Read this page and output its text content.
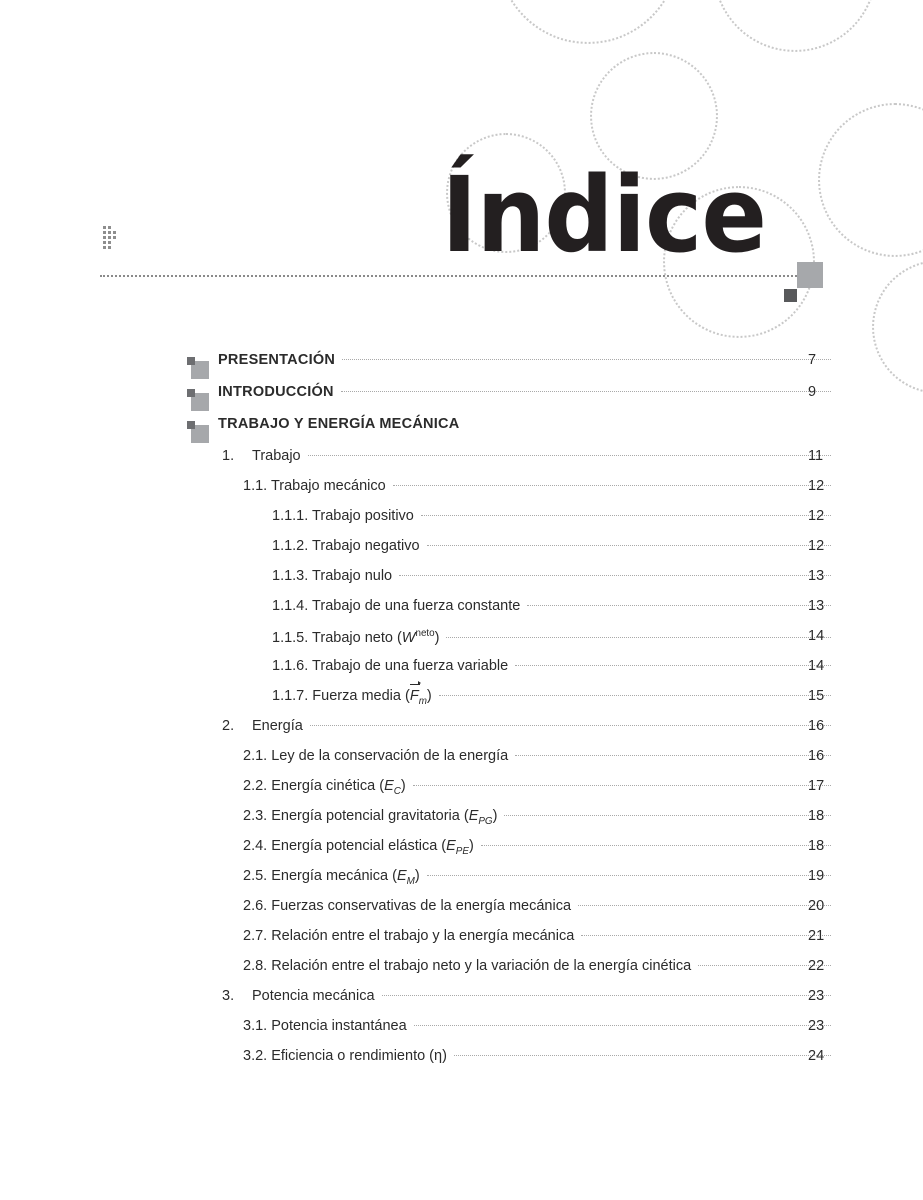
Índice
PRESENTACIÓN	7
INTRODUCCIÓN	9
TRABAJO Y ENERGÍA MECÁNICA
1.	Trabajo	11
1.1. Trabajo mecánico	12
1.1.1. Trabajo positivo	12
1.1.2. Trabajo negativo	12
1.1.3. Trabajo nulo	13
1.1.4. Trabajo de una fuerza constante	13
1.1.5. Trabajo neto $(W^{neto})$	14
1.1.6. Trabajo de una fuerza variable	14
1.1.7. Fuerza media $(F_m)$	15
2.	Energía	16
2.1. Ley de la conservación de la energía	16
2.2. Energía cinética $(E_C)$	17
2.3. Energía potencial gravitatoria $(E_{PG})$	18
2.4. Energía potencial elástica $(E_{PE})$	18
2.5. Energía mecánica $(E_M)$	19
2.6. Fuerzas conservativas de la energía mecánica	20
2.7. Relación entre el trabajo y la energía mecánica	21
2.8. Relación entre el trabajo neto y la variación de la energía cinética	22
3.	Potencia mecánica	23
3.1. Potencia instantánea	23
3.2. Eficiencia o rendimiento (η)	24
